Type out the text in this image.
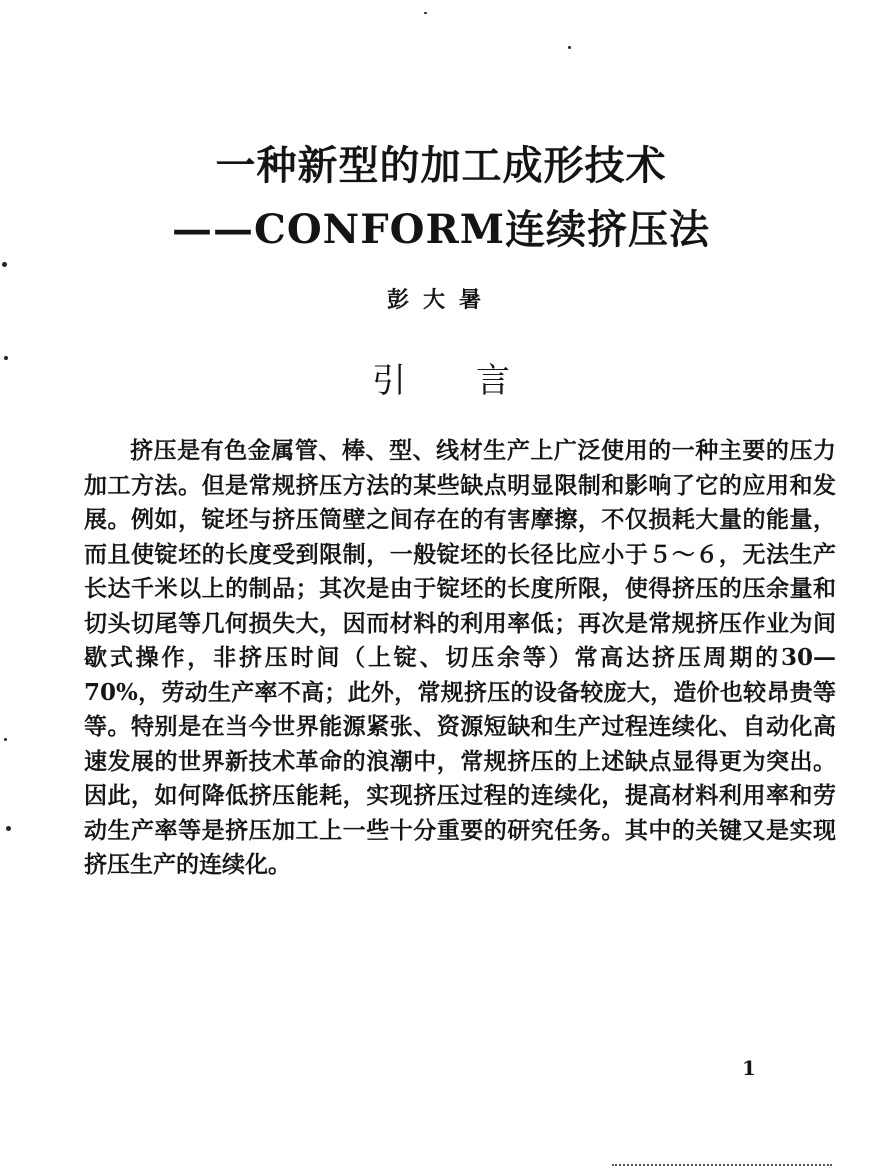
一种新型的加工成形技术
——CONFORM连续挤压法

彭大暑

引言

挤压是有色金属管、棒、型、线材生产上广泛使用的一种主要的压力加工方法。但是常规挤压方法的某些缺点明显限制和影响了它的应用和发展。例如，锭坯与挤压筒壁之间存在的有害摩擦，不仅损耗大量的能量，而且使锭坯的长度受到限制，一般锭坯的长径比应小于５～６，无法生产长达千米以上的制品；其次是由于锭坯的长度所限，使得挤压的压余量和切头切尾等几何损失大，因而材料的利用率低；再次是常规挤压作业为间歇式操作，非挤压时间（上锭、切压余等）常高达挤压周期的30—70%，劳动生产率不高；此外，常规挤压的设备较庞大，造价也较昂贵等等。特别是在当今世界能源紧张、资源短缺和生产过程连续化、自动化高速发展的世界新技术革命的浪潮中，常规挤压的上述缺点显得更为突出。因此，如何降低挤压能耗，实现挤压过程的连续化，提高材料利用率和劳动生产率等是挤压加工上一些十分重要的研究任务。其中的关键又是实现挤压生产的连续化。

1
